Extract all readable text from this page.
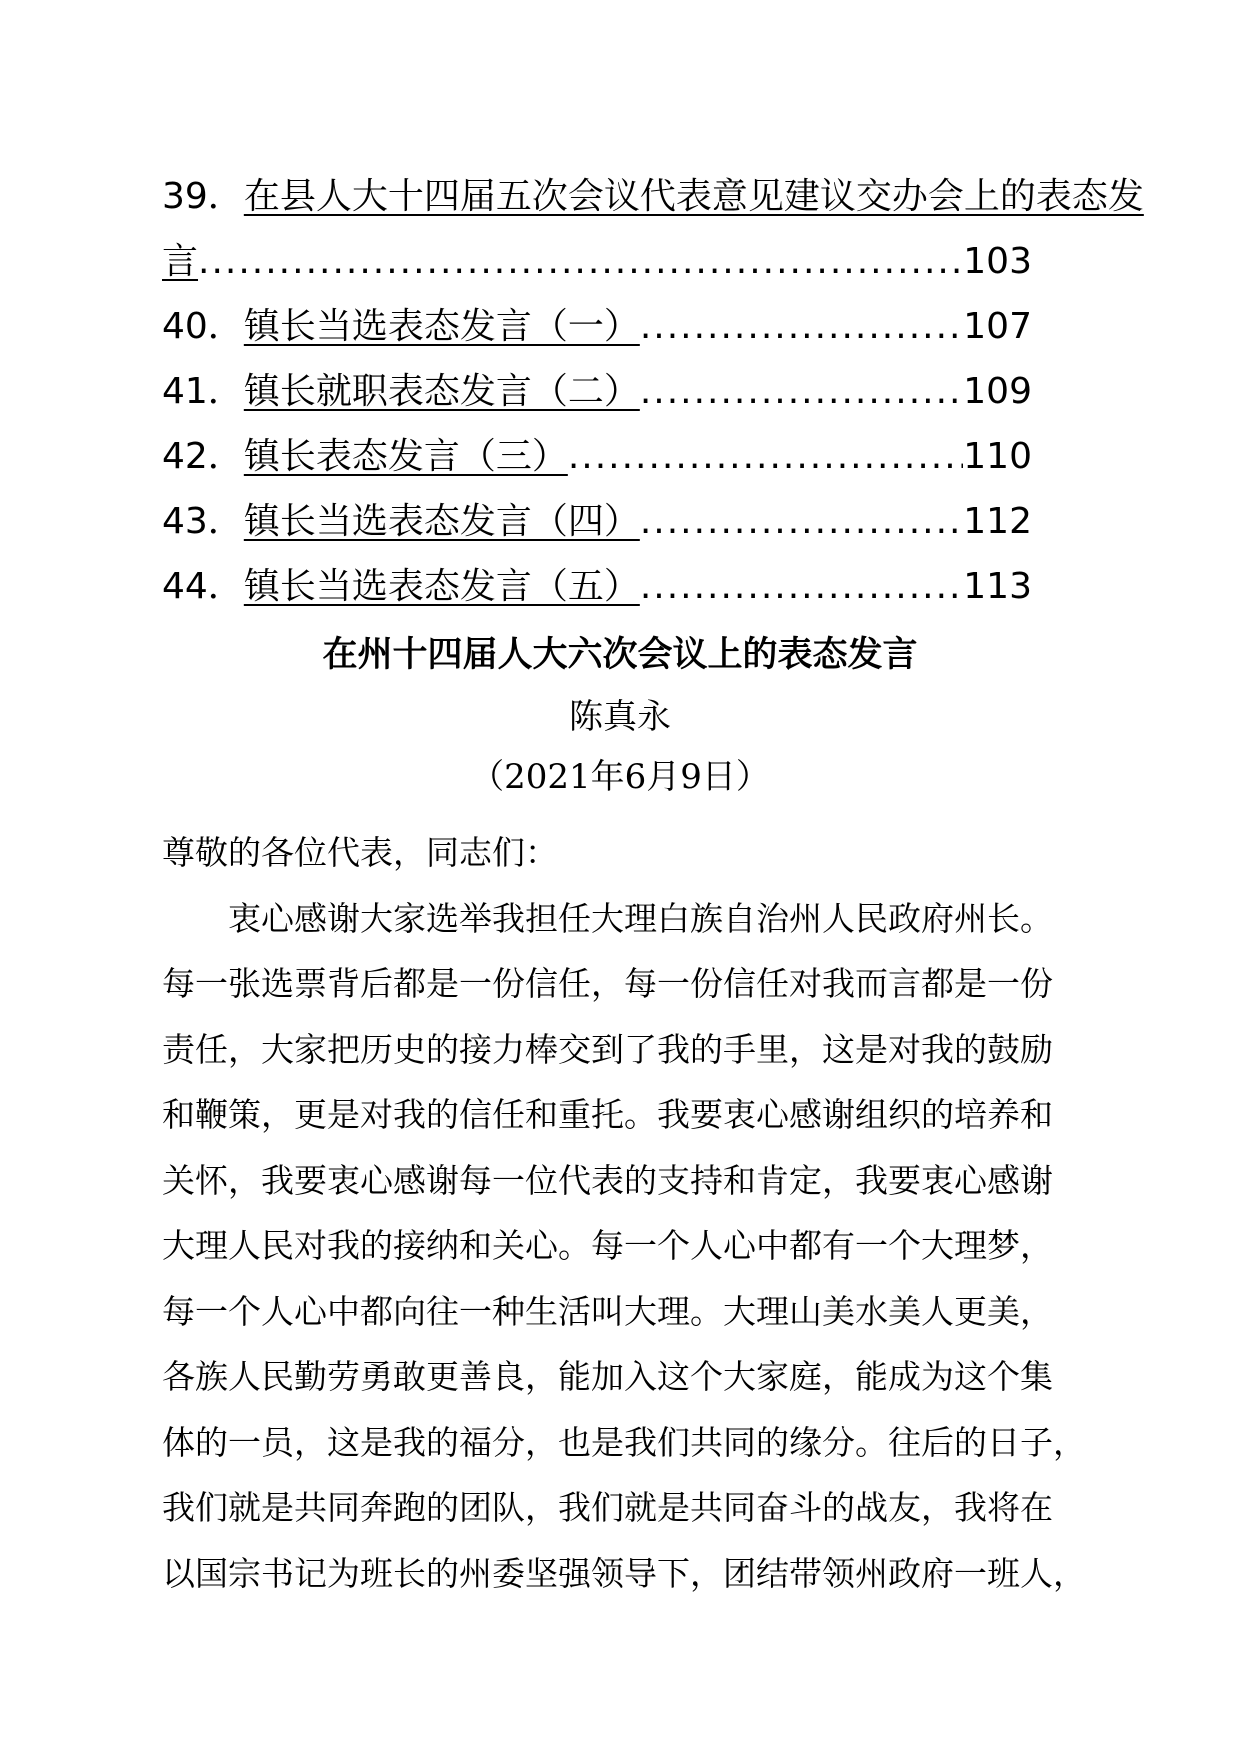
39． 在县人大十四届五次会议代表意见建议交办会上的表态发
言 .....	103
40． 镇长当选表态发言（一） .....	107
41． 镇长就职表态发言（二） .....	109
42． 镇长表态发言（三） .....	110
43． 镇长当选表态发言（四） .....	112
44． 镇长当选表态发言（五） .....	113
在州十四届人大六次会议上的表态发言
陈真永
（2021年6月9日）
尊敬的各位代表，同志们：
衷心感谢大家选举我担任大理白族自治州人民政府州长。
每一张选票背后都是一份信任，每一份信任对我而言都是一份
责任，大家把历史的接力棒交到了我的手里，这是对我的鼓励
和鞭策，更是对我的信任和重托。我要衷心感谢组织的培养和
关怀，我要衷心感谢每一位代表的支持和肯定，我要衷心感谢
大理人民对我的接纳和关心。每一个人心中都有一个大理梦，
每一个人心中都向往一种生活叫大理。大理山美水美人更美，
各族人民勤劳勇敢更善良，能加入这个大家庭，能成为这个集
体的一员，这是我的福分，也是我们共同的缘分。往后的日子，
我们就是共同奔跑的团队，我们就是共同奋斗的战友，我将在
以国宗书记为班长的州委坚强领导下，团结带领州政府一班人，
